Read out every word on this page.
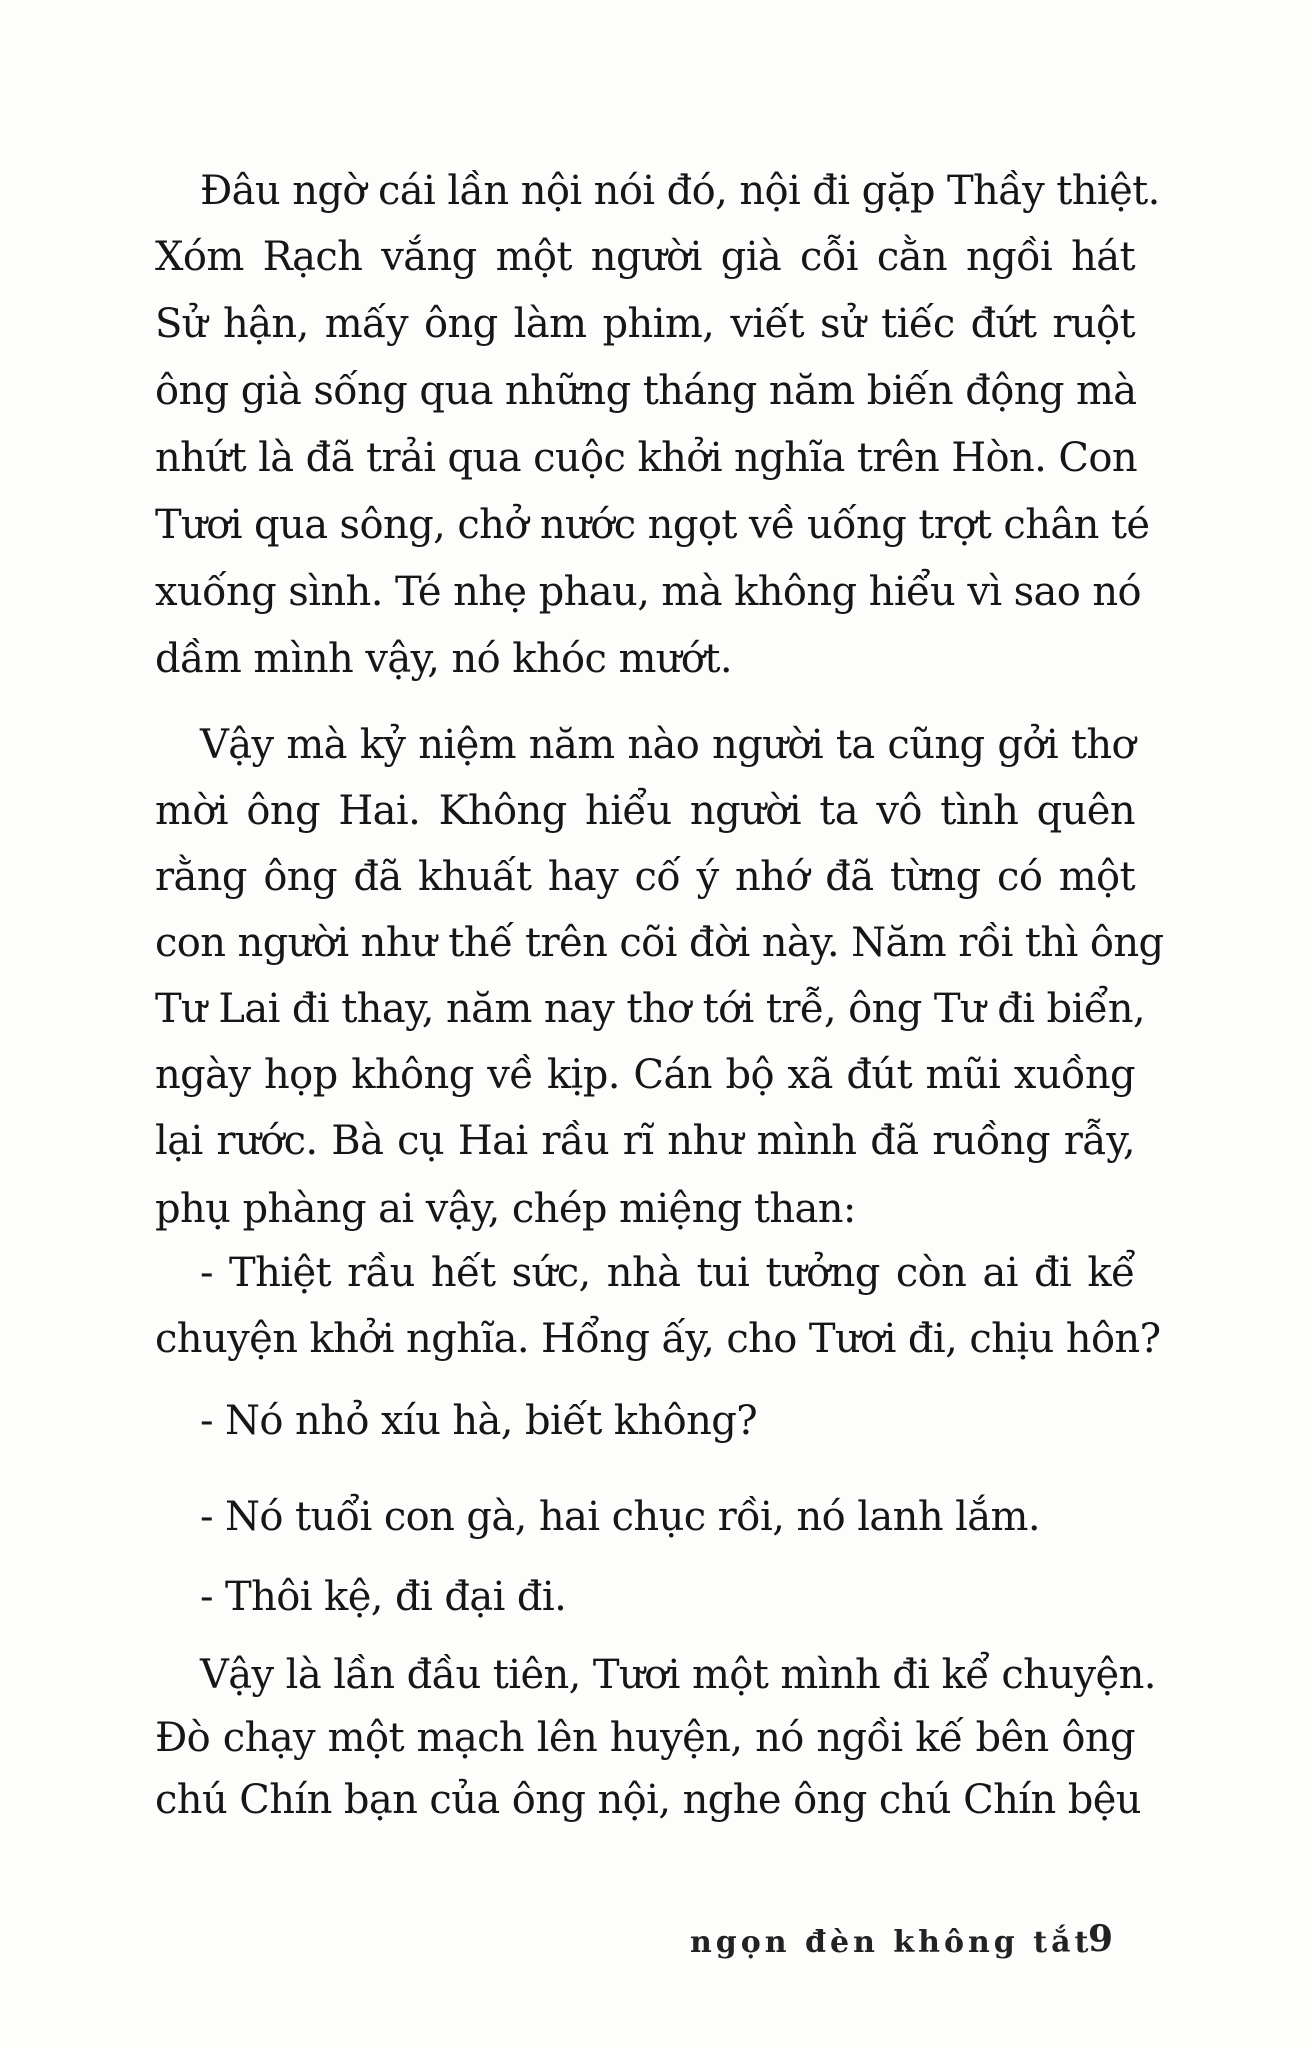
Đâu ngờ cái lần nội nói đó, nội đi gặp Thầy thiệt.
Xóm Rạch vắng một người già cỗi cằn ngồi hát
Sử hận, mấy ông làm phim, viết sử tiếc đứt ruột
ông già sống qua những tháng năm biến động mà
nhứt là đã trải qua cuộc khởi nghĩa trên Hòn. Con
Tươi qua sông, chở nước ngọt về uống trợt chân té
xuống sình. Té nhẹ phau, mà không hiểu vì sao nó
dầm mình vậy, nó khóc mướt.
Vậy mà kỷ niệm năm nào người ta cũng gởi thơ
mời ông Hai. Không hiểu người ta vô tình quên
rằng ông đã khuất hay cố ý nhớ đã từng có một
con người như thế trên cõi đời này. Năm rồi thì ông
Tư Lai đi thay, năm nay thơ tới trễ, ông Tư đi biển,
ngày họp không về kịp. Cán bộ xã đút mũi xuồng
lại rước. Bà cụ Hai rầu rĩ như mình đã ruồng rẫy,
phụ phàng ai vậy, chép miệng than:
- Thiệt rầu hết sức, nhà tui tưởng còn ai đi kể
chuyện khởi nghĩa. Hổng ấy, cho Tươi đi, chịu hôn?
- Nó nhỏ xíu hà, biết không?
- Nó tuổi con gà, hai chục rồi, nó lanh lắm.
- Thôi kệ, đi đại đi.
Vậy là lần đầu tiên, Tươi một mình đi kể chuyện.
Đò chạy một mạch lên huyện, nó ngồi kế bên ông
chú Chín bạn của ông nội, nghe ông chú Chín bệu
ngọn đèn không tắt
9
